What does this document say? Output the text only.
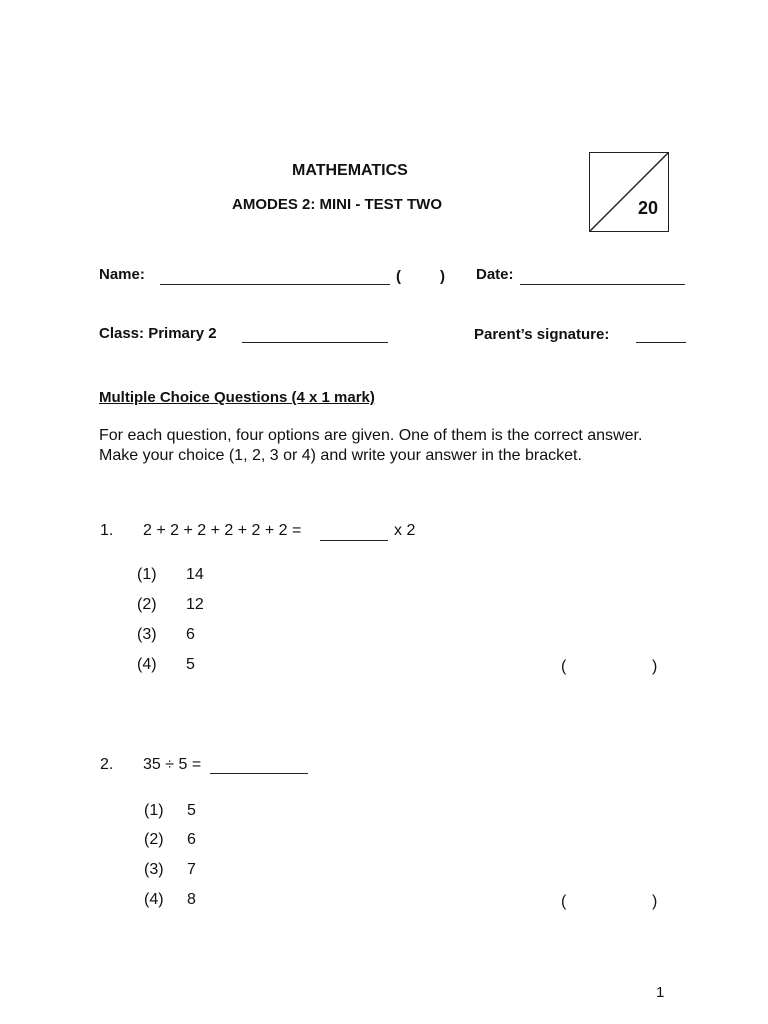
MATHEMATICS
AMODES 2: MINI - TEST TWO	20
Name:	(	) Date:
Class: Primary 2	Parent’s signature:
Multiple Choice Questions (4 x 1 mark)
For each question, four options are given. One of them is the correct answer. Make your choice (1, 2, 3 or 4) and write your answer in the bracket.
1. 2 + 2 + 2 + 2 + 2 + 2 =	x 2
(1) 14
(2) 12
(3) 6
(4) 5	(	)
2. 35 ÷ 5 =
(1) 5
(2) 6
(3) 7
(4) 8	(	)
1
